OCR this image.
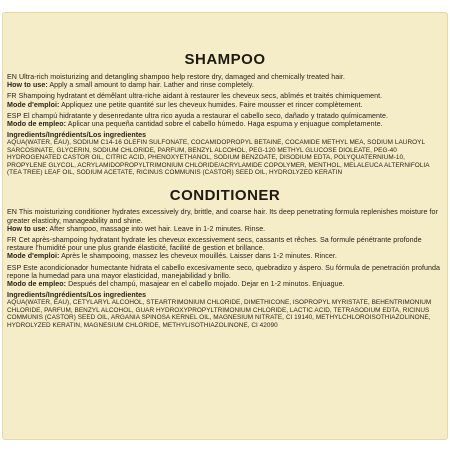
SHAMPOO

EN Ultra-rich moisturizing and detangling shampoo help restore dry, damaged and chemically treated hair.

How to use: Apply a small amount to damp hair. Lather and rinse completely.

FR Shampoing hydratant et démêlant ultra-riche aidant à restaurer les cheveux secs, abîmés et traités chimiquement.

Mode d'emploi: Appliquez une petite quantité sur les cheveux humides. Faire mousser et rincer complètement.

ESP El champú hidratante y desenredante ultra rico ayuda a restaurar el cabello seco, dañado y tratado químicamente.

Modo de empleo: Aplicar una pequeña cantidad sobre el cabello húmedo. Haga espuma y enjuague completamente.

Ingredients/Ingrédients/Los ingredientes

AQUA(WATER, EAU), SODIUM C14-16 OLEFIN SULFONATE, COCAMIDOPROPYL BETAINE, COCAMIDE METHYL MEA, SODIUM LAUROYL SARCOSINATE, GLYCERIN, SODIUM CHLORIDE, PARFUM, BENZYL ALCOHOL, PEG-120 METHYL GLUCOSE DIOLEATE, PEG-40 HYDROGENATED CASTOR OIL, CITRIC ACID, PHENOXYETHANOL, SODIUM BENZOATE, DISODIUM EDTA, POLYQUATERNIUM-10, PROPYLENE GLYCOL, ACRYLAMIDOPROPYLTRIMONIUM CHLORIDE/ACRYLAMIDE COPOLYMER, MENTHOL, MELALEUCA ALTERNIFOLIA (TEA TREE) LEAF OIL, SODIUM ACETATE, RICINUS COMMUNIS (CASTOR) SEED OIL, HYDROLYZED KERATIN

CONDITIONER

EN This moisturizing conditioner hydrates excessively dry, brittle, and coarse hair. Its deep penetrating formula replenishes moisture for greater elasticity, manageability and shine.

How to use: After shampoo, massage into wet hair. Leave in 1-2 minutes. Rinse.

FR Cet après-shampoing hydratant hydrate les cheveux excessivement secs, cassants et rêches. Sa formule pénétrante profonde restaure l'humidité pour une plus grande élasticité, facilité de gestion et brillance.

Mode d'emploi: Après le shampooing, massez les cheveux mouillés. Laisser dans 1-2 minutes. Rincer.

ESP Este acondicionador humectante hidrata el cabello excesivamente seco, quebradizo y áspero. Su fórmula de penetración profunda repone la humedad para una mayor elasticidad, manejabilidad y brillo.

Modo de empleo: Después del champú, masajear en el cabello mojado. Dejar en 1-2 minutos. Enjuague.

Ingredients/Ingrédients/Los ingredientes

AQUA(WATER, EAU), CETYLARYL ALCOHOL, STEARTRIMONIUM CHLORIDE, DIMETHICONE, ISOPROPYL MYRISTATE, BEHENTRIMONIUM CHLORIDE, PARFUM, BENZYL ALCOHOL, GUAR HYDROXYPROPYLTRIMONIUM CHLORIDE, LACTIC ACID, TETRASODIUM EDTA, RICINUS COMMUNIS (CASTOR) SEED OIL, ARGANIA SPINOSA KERNEL OIL, MAGNESIUM NITRATE, CI 19140, METHYLCHLOROISOTHIAZOLINONE, HYDROLYZED KERATIN, MAGNESIUM CHLORIDE, METHYLISOTHIAZOLINONE, CI 42090
